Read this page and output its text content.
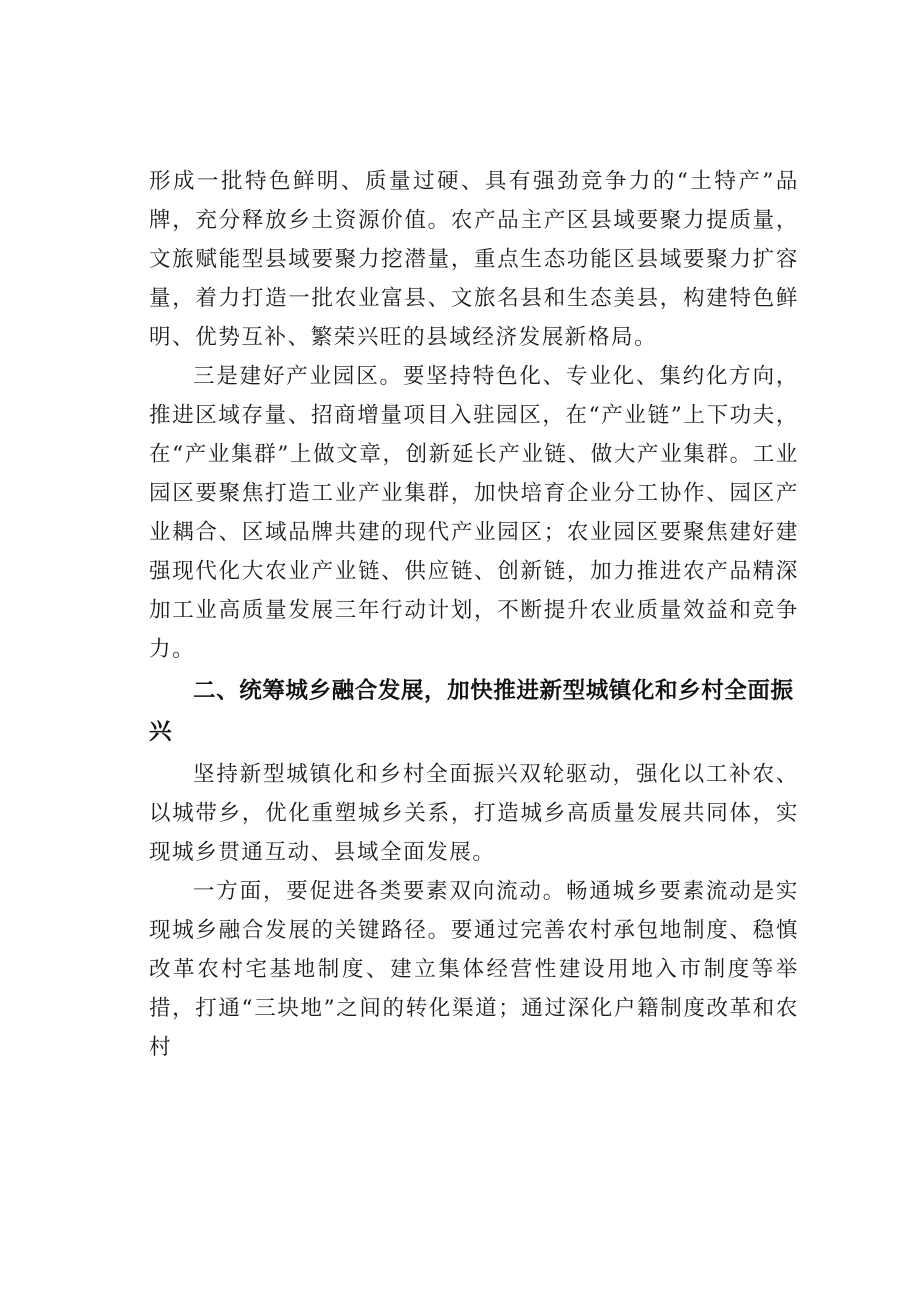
形成一批特色鲜明、质量过硬、具有强劲竞争力的“土特产”品牌，充分释放乡土资源价值。农产品主产区县域要聚力提质量，文旅赋能型县域要聚力挖潜量，重点生态功能区县域要聚力扩容量，着力打造一批农业富县、文旅名县和生态美县，构建特色鲜明、优势互补、繁荣兴旺的县域经济发展新格局。

三是建好产业园区。要坚持特色化、专业化、集约化方向，推进区域存量、招商增量项目入驻园区，在“产业链”上下功夫，在“产业集群”上做文章，创新延长产业链、做大产业集群。工业园区要聚焦打造工业产业集群，加快培育企业分工协作、园区产业耦合、区域品牌共建的现代产业园区；农业园区要聚焦建好建强现代化大农业产业链、供应链、创新链，加力推进农产品精深加工业高质量发展三年行动计划，不断提升农业质量效益和竞争力。

二、统筹城乡融合发展，加快推进新型城镇化和乡村全面振兴

坚持新型城镇化和乡村全面振兴双轮驱动，强化以工补农、以城带乡，优化重塑城乡关系，打造城乡高质量发展共同体，实现城乡贯通互动、县域全面发展。

一方面，要促进各类要素双向流动。畅通城乡要素流动是实现城乡融合发展的关键路径。要通过完善农村承包地制度、稳慎改革农村宅基地制度、建立集体经营性建设用地入市制度等举措，打通“三块地”之间的转化渠道；通过深化户籍制度改革和农村
